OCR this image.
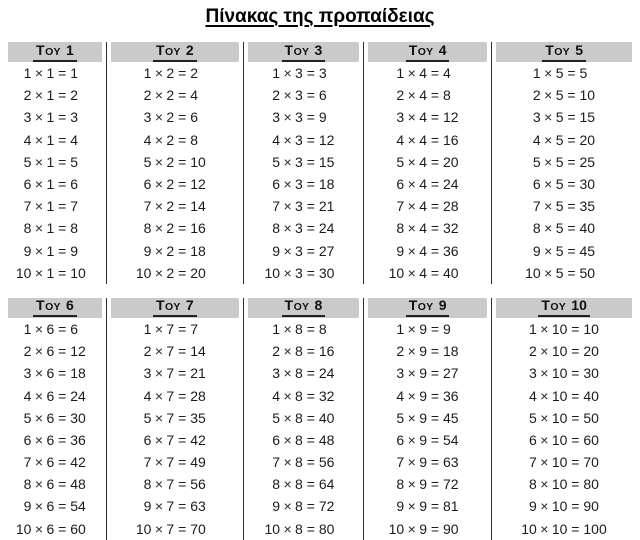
Πίνακας της προπαίδειας
ΤΟΥ 1
1 × 1 = 1
2 × 1 = 2
3 × 1 = 3
4 × 1 = 4
5 × 1 = 5
6 × 1 = 6
7 × 1 = 7
8 × 1 = 8
9 × 1 = 9
10 × 1 = 10
ΤΟΥ 2
1 × 2 = 2
2 × 2 = 4
3 × 2 = 6
4 × 2 = 8
5 × 2 = 10
6 × 2 = 12
7 × 2 = 14
8 × 2 = 16
9 × 2 = 18
10 × 2 = 20
ΤΟΥ 3
1 × 3 = 3
2 × 3 = 6
3 × 3 = 9
4 × 3 = 12
5 × 3 = 15
6 × 3 = 18
7 × 3 = 21
8 × 3 = 24
9 × 3 = 27
10 × 3 = 30
ΤΟΥ 4
1 × 4 = 4
2 × 4 = 8
3 × 4 = 12
4 × 4 = 16
5 × 4 = 20
6 × 4 = 24
7 × 4 = 28
8 × 4 = 32
9 × 4 = 36
10 × 4 = 40
ΤΟΥ 5
1 × 5 = 5
2 × 5 = 10
3 × 5 = 15
4 × 5 = 20
5 × 5 = 25
6 × 5 = 30
7 × 5 = 35
8 × 5 = 40
9 × 5 = 45
10 × 5 = 50
ΤΟΥ 6
1 × 6 = 6
2 × 6 = 12
3 × 6 = 18
4 × 6 = 24
5 × 6 = 30
6 × 6 = 36
7 × 6 = 42
8 × 6 = 48
9 × 6 = 54
10 × 6 = 60
ΤΟΥ 7
1 × 7 = 7
2 × 7 = 14
3 × 7 = 21
4 × 7 = 28
5 × 7 = 35
6 × 7 = 42
7 × 7 = 49
8 × 7 = 56
9 × 7 = 63
10 × 7 = 70
ΤΟΥ 8
1 × 8 = 8
2 × 8 = 16
3 × 8 = 24
4 × 8 = 32
5 × 8 = 40
6 × 8 = 48
7 × 8 = 56
8 × 8 = 64
9 × 8 = 72
10 × 8 = 80
ΤΟΥ 9
1 × 9 = 9
2 × 9 = 18
3 × 9 = 27
4 × 9 = 36
5 × 9 = 45
6 × 9 = 54
7 × 9 = 63
8 × 9 = 72
9 × 9 = 81
10 × 9 = 90
ΤΟΥ 10
1 × 10 = 10
2 × 10 = 20
3 × 10 = 30
4 × 10 = 40
5 × 10 = 50
6 × 10 = 60
7 × 10 = 70
8 × 10 = 80
9 × 10 = 90
10 × 10 = 100
